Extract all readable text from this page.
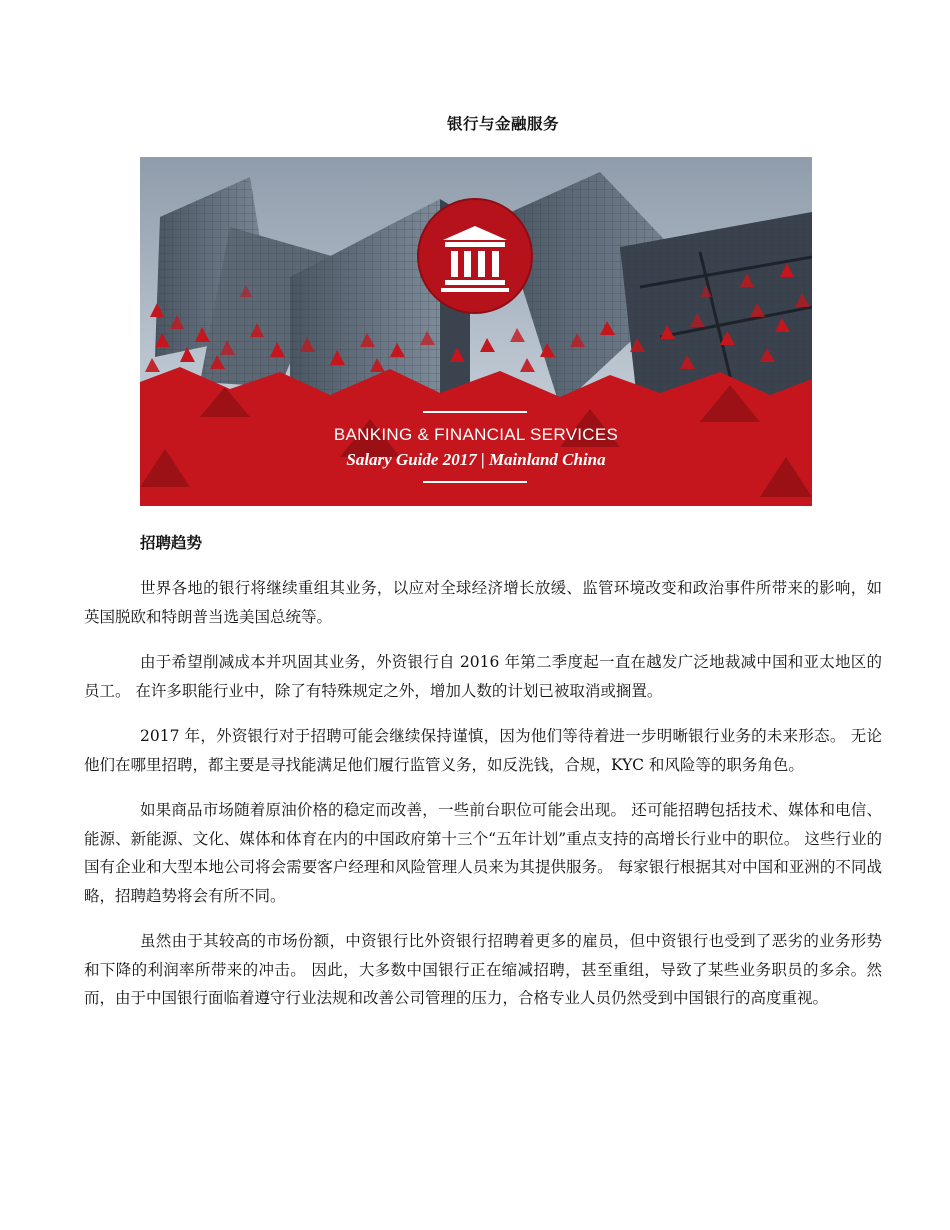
银行与金融服务
BANKING & FINANCIAL SERVICES
Salary Guide 2017 | Mainland China
招聘趋势

世界各地的银行将继续重组其业务，以应对全球经济增长放缓、监管环境改变和政治事件所带来的影响，如英国脱欧和特朗普当选美国总统等。

由于希望削减成本并巩固其业务，外资银行自 2016 年第二季度起一直在越发广泛地裁减中国和亚太地区的员工。 在许多职能行业中，除了有特殊规定之外，增加人数的计划已被取消或搁置。

2017 年，外资银行对于招聘可能会继续保持谨慎，因为他们等待着进一步明晰银行业务的未来形态。 无论他们在哪里招聘，都主要是寻找能满足他们履行监管义务，如反洗钱，合规，KYC 和风险等的职务角色。

如果商品市场随着原油价格的稳定而改善，一些前台职位可能会出现。 还可能招聘包括技术、媒体和电信、能源、新能源、文化、媒体和体育在内的中国政府第十三个“五年计划”重点支持的高增长行业中的职位。 这些行业的国有企业和大型本地公司将会需要客户经理和风险管理人员来为其提供服务。 每家银行根据其对中国和亚洲的不同战略，招聘趋势将会有所不同。

虽然由于其较高的市场份额，中资银行比外资银行招聘着更多的雇员，但中资银行也受到了恶劣的业务形势和下降的利润率所带来的冲击。 因此，大多数中国银行正在缩减招聘，甚至重组，导致了某些业务职员的多余。然而，由于中国银行面临着遵守行业法规和改善公司管理的压力，合格专业人员仍然受到中国银行的高度重视。
